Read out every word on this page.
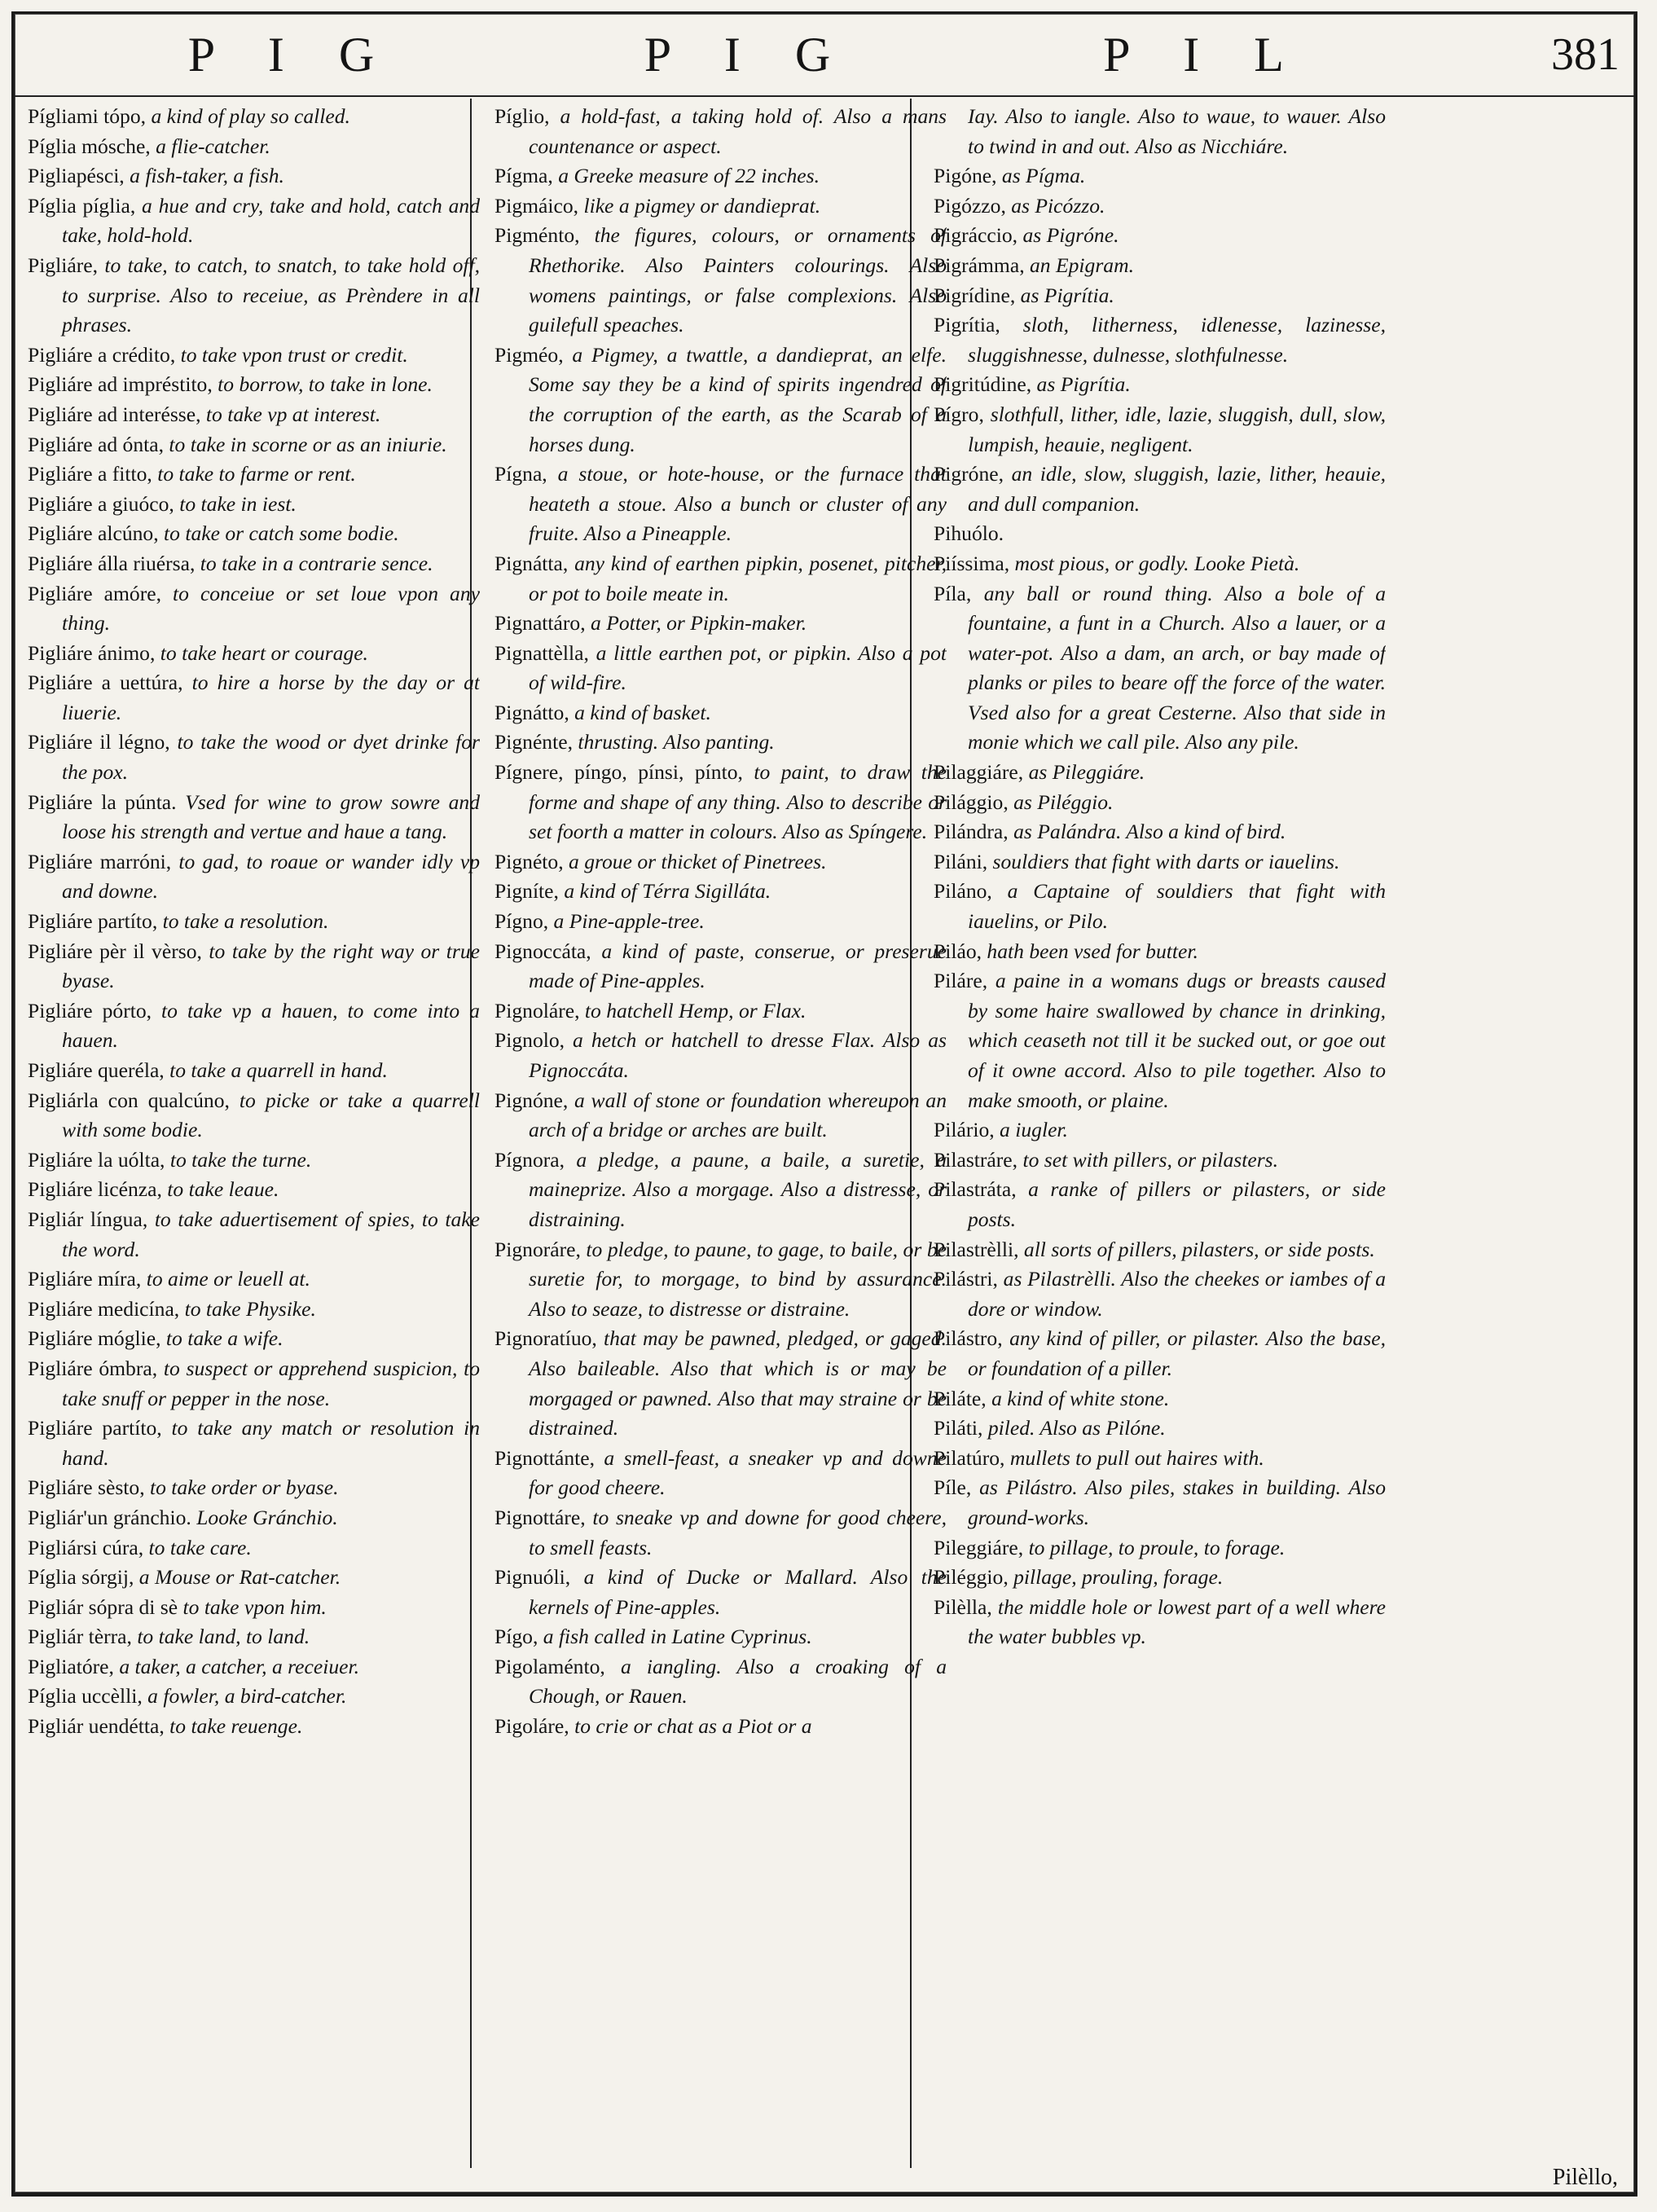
P I G	P I G	P I L	381

Pígliami tópo, a kind of play so called.

Píglia mósche, a flie-catcher.

Pigliapésci, a fish-taker, a fish.

Píglia píglia, a hue and cry, take and hold, catch and take, hold-hold.

Pigliáre, to take, to catch, to snatch, to take hold off, to surprise. Also to receiue, as Prèndere in all phrases.

Pigliáre a crédito, to take vpon trust or credit.

Pigliáre ad impréstito, to borrow, to take in lone.

Pigliáre ad interésse, to take vp at interest.

Pigliáre ad ónta, to take in scorne or as an iniurie.

Pigliáre a fitto, to take to farme or rent.

Pigliáre a giuóco, to take in iest.

Pigliáre alcúno, to take or catch some bodie.

Pigliáre álla riuérsa, to take in a contrarie sence.

Pigliáre amóre, to conceiue or set loue vpon any thing.

Pigliáre ánimo, to take heart or courage.

Pigliáre a uettúra, to hire a horse by the day or at liuerie.

Pigliáre il légno, to take the wood or dyet drinke for the pox.

Pigliáre la púnta. Vsed for wine to grow sowre and loose his strength and vertue and haue a tang.

Pigliáre marróni, to gad, to roaue or wander idly vp and downe.

Pigliáre partíto, to take a resolution.

Pigliáre pèr il vèrso, to take by the right way or true byase.

Pigliáre pórto, to take vp a hauen, to come into a hauen.

Pigliáre queréla, to take a quarrell in hand.

Pigliárla con qualcúno, to picke or take a quarrell with some bodie.

Pigliáre la uólta, to take the turne.

Pigliáre licénza, to take leaue.

Pigliár língua, to take aduertisement of spies, to take the word.

Pigliáre míra, to aime or leuell at.

Pigliáre medicína, to take Physike.

Pigliáre móglie, to take a wife.

Pigliáre ómbra, to suspect or apprehend suspicion, to take snuff or pepper in the nose.

Pigliáre partíto, to take any match or resolution in hand.

Pigliáre sèsto, to take order or byase.

Pigliár'un gránchio. Looke Gránchio.

Pigliársi cúra, to take care.

Píglia sórgij, a Mouse or Rat-catcher.

Pigliár sópra di sè to take vpon him.

Pigliár tèrra, to take land, to land.

Pigliatóre, a taker, a catcher, a receiuer.

Píglia uccèlli, a fowler, a bird-catcher.

Pigliár uendétta, to take reuenge.

Píglio, a hold-fast, a taking hold of. Also a mans countenance or aspect.

Pígma, a Greeke measure of 22 inches.

Pigmáico, like a pigmey or dandieprat.

Pigménto, the figures, colours, or ornaments of Rhethorike. Also Painters colourings. Also womens paintings, or false complexions. Also guilefull speaches.

Pigméo, a Pigmey, a twattle, a dandieprat, an elfe. Some say they be a kind of spirits ingendred of the corruption of the earth, as the Scarab of a horses dung.

Pígna, a stoue, or hote-house, or the furnace that heateth a stoue. Also a bunch or cluster of any fruite. Also a Pineapple.

Pignátta, any kind of earthen pipkin, posenet, pitcher, or pot to boile meate in.

Pignattáro, a Potter, or Pipkin-maker.

Pignattèlla, a little earthen pot, or pipkin. Also a pot of wild-fire.

Pignátto, a kind of basket.

Pignénte, thrusting. Also panting.

Pígnere, píngo, pínsi, pínto, to paint, to draw the forme and shape of any thing. Also to describe or set foorth a matter in colours. Also as Spíngere.

Pignéto, a groue or thicket of Pinetrees.

Pigníte, a kind of Térra Sigilláta.

Pígno, a Pine-apple-tree.

Pignoccáta, a kind of paste, conserue, or preserue made of Pine-apples.

Pignoláre, to hatchell Hemp, or Flax.

Pignolo, a hetch or hatchell to dresse Flax. Also as Pignoccáta.

Pignóne, a wall of stone or foundation whereupon an arch of a bridge or arches are built.

Pígnora, a pledge, a paune, a baile, a suretie, a maineprize. Also a morgage. Also a distresse, or distraining.

Pignoráre, to pledge, to paune, to gage, to baile, or be suretie for, to morgage, to bind by assurance. Also to seaze, to distresse or distraine.

Pignoratíuo, that may be pawned, pledged, or gaged. Also baileable. Also that which is or may be morgaged or pawned. Also that may straine or be distrained.

Pignottánte, a smell-feast, a sneaker vp and downe for good cheere.

Pignottáre, to sneake vp and downe for good cheere, to smell feasts.

Pignuóli, a kind of Ducke or Mallard. Also the kernels of Pine-apples.

Pígo, a fish called in Latine Cyprinus.

Pigolaménto, a iangling. Also a croaking of a Chough, or Rauen.

Pigoláre, to crie or chat as a Piot or a

Iay. Also to iangle. Also to waue, to wauer. Also to twind in and out. Also as Nicchiáre.

Pigóne, as Pígma.

Pigózzo, as Picózzo.

Pigráccio, as Pigróne.

Pigrámma, an Epigram.

Pigrídine, as Pigrítia.

Pigrítia, sloth, litherness, idlenesse, lazinesse, sluggishnesse, dulnesse, slothfulnesse.

Pigritúdine, as Pigrítia.

Pígro, slothfull, lither, idle, lazie, sluggish, dull, slow, lumpish, heauie, negligent.

Pigróne, an idle, slow, sluggish, lazie, lither, heauie, and dull companion.

Pihuólo.

Piíssima, most pious, or godly. Looke Pietà.

Píla, any ball or round thing. Also a bole of a fountaine, a funt in a Church. Also a lauer, or a water-pot. Also a dam, an arch, or bay made of planks or piles to beare off the force of the water. Vsed also for a great Cesterne. Also that side in monie which we call pile. Also any pile.

Pilaggiáre, as Pileggiáre.

Pilággio, as Piléggio.

Pilándra, as Palándra. Also a kind of bird.

Piláni, souldiers that fight with darts or iauelins.

Piláno, a Captaine of souldiers that fight with iauelins, or Pilo.

Piláo, hath been vsed for butter.

Piláre, a paine in a womans dugs or breasts caused by some haire swallowed by chance in drinking, which ceaseth not till it be sucked out, or goe out of it owne accord. Also to pile together. Also to make smooth, or plaine.

Pilário, a iugler.

Pilastráre, to set with pillers, or pilasters.

Pilastráta, a ranke of pillers or pilasters, or side posts.

Pilastrèlli, all sorts of pillers, pilasters, or side posts.

Pilástri, as Pilastrèlli. Also the cheekes or iambes of a dore or window.

Pilástro, any kind of piller, or pilaster. Also the base, or foundation of a piller.

Piláte, a kind of white stone.

Piláti, piled. Also as Pilóne.

Pilatúro, mullets to pull out haires with.

Píle, as Pilástro. Also piles, stakes in building. Also ground-works.

Pileggiáre, to pillage, to proule, to forage.

Piléggio, pillage, prouling, forage.

Pilèlla, the middle hole or lowest part of a well where the water bubbles vp.

Pilèllo,
